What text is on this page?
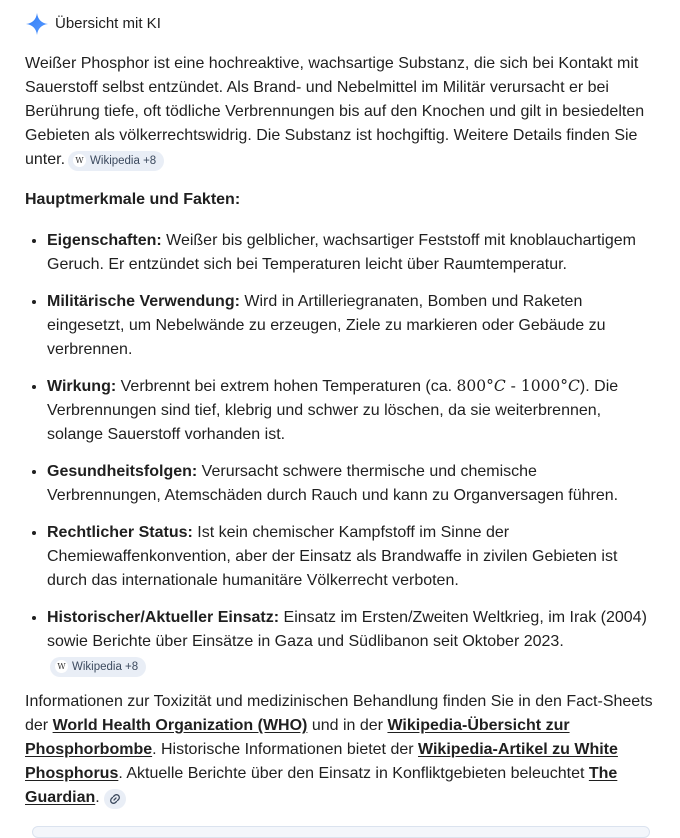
Übersicht mit KI

Weißer Phosphor ist eine hochreaktive, wachsartige Substanz, die sich bei Kontakt mit Sauerstoff selbst entzündet. Als Brand- und Nebelmittel im Militär verursacht er bei Berührung tiefe, oft tödliche Verbrennungen bis auf den Knochen und gilt in besiedelten Gebieten als völkerrechtswidrig. Die Substanz ist hochgiftig. Weitere Details finden Sie unter. W Wikipedia +8

Hauptmerkmale und Fakten:

• Eigenschaften: Weißer bis gelblicher, wachsartiger Feststoff mit knoblauchartigem Geruch. Er entzündet sich bei Temperaturen leicht über Raumtemperatur.
• Militärische Verwendung: Wird in Artilleriegranaten, Bomben und Raketen eingesetzt, um Nebelwände zu erzeugen, Ziele zu markieren oder Gebäude zu verbrennen.
• Wirkung: Verbrennt bei extrem hohen Temperaturen (ca. 800°C - 1000°C). Die Verbrennungen sind tief, klebrig und schwer zu löschen, da sie weiterbrennen, solange Sauerstoff vorhanden ist.
• Gesundheitsfolgen: Verursacht schwere thermische und chemische Verbrennungen, Atemschäden durch Rauch und kann zu Organversagen führen.
• Rechtlicher Status: Ist kein chemischer Kampfstoff im Sinne der Chemiewaffenkonvention, aber der Einsatz als Brandwaffe in zivilen Gebieten ist durch das internationale humanitäre Völkerrecht verboten.
• Historischer/Aktueller Einsatz: Einsatz im Ersten/Zweiten Weltkrieg, im Irak (2004) sowie Berichte über Einsätze in Gaza und Südlibanon seit Oktober 2023.
W Wikipedia +8

Informationen zur Toxizität und medizinischen Behandlung finden Sie in den Fact-Sheets der World Health Organization (WHO) und in der Wikipedia-Übersicht zur Phosphorbombe. Historische Informationen bietet der Wikipedia-Artikel zu White Phosphorus. Aktuelle Berichte über den Einsatz in Konfliktgebieten beleuchtet The Guardian.
